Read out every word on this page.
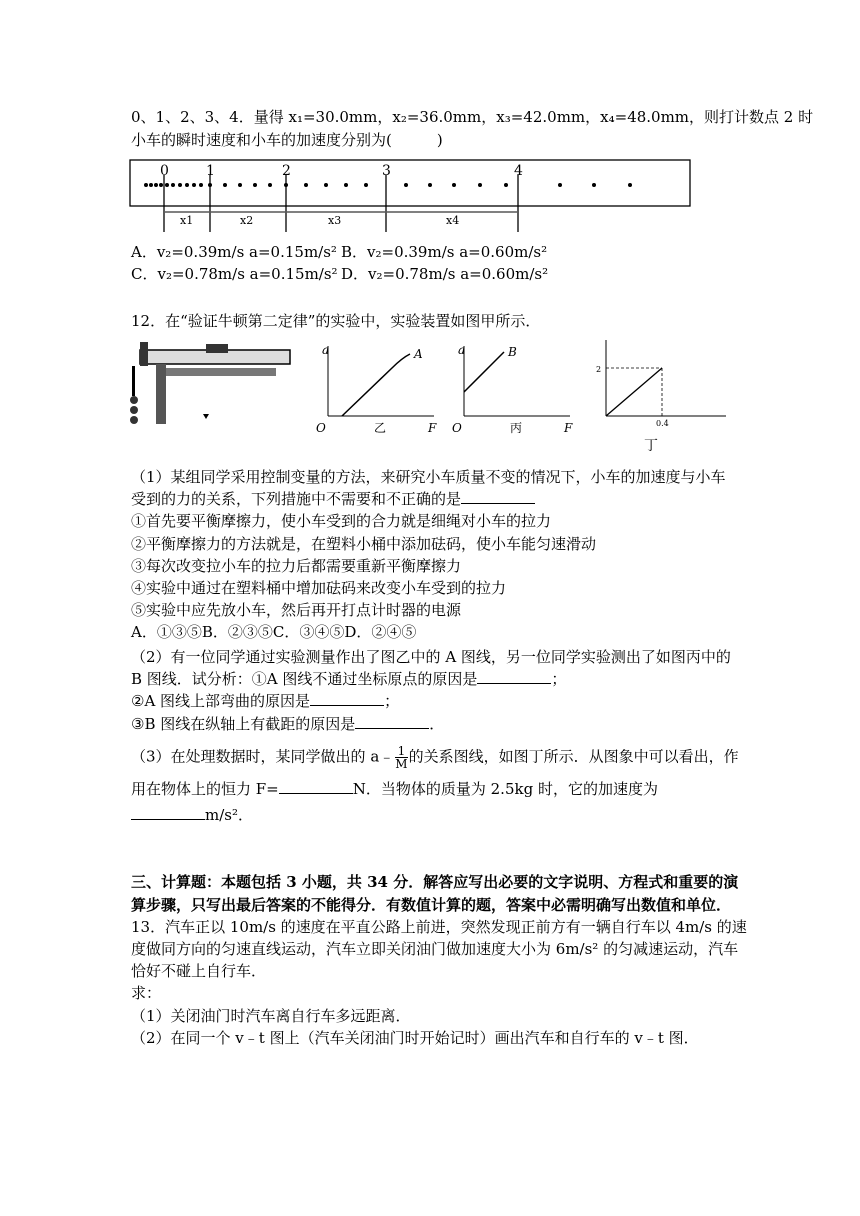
0、1、2、3、4．量得 x₁=30.0mm，x₂=36.0mm，x₃=42.0mm，x₄=48.0mm，则打计数点 2 时
小车的瞬时速度和小车的加速度分别为(　　　)
0	1	2	3	4
x1	x2	x3	x4
A．v₂=0.39m/s a=0.15m/s² B．v₂=0.39m/s a=0.60m/s²
C．v₂=0.78m/s a=0.15m/s² D．v₂=0.78m/s a=0.60m/s²
12．在“验证牛顿第二定律”的实验中，实验装置如图甲所示．
a
F
O
A
乙
a
F
O
B
丙
2
0.4
丁
（1）某组同学采用控制变量的方法，来研究小车质量不变的情况下，小车的加速度与小车
受到的力的关系，下列措施中不需要和不正确的是
①首先要平衡摩擦力，使小车受到的合力就是细绳对小车的拉力
②平衡摩擦力的方法就是，在塑料小桶中添加砝码，使小车能匀速滑动
③每次改变拉小车的拉力后都需要重新平衡摩擦力
④实验中通过在塑料桶中增加砝码来改变小车受到的拉力
⑤实验中应先放小车，然后再开打点计时器的电源
A．①③⑤B．②③⑤C．③④⑤D．②④⑤
（2）有一位同学通过实验测量作出了图乙中的 A 图线，另一位同学实验测出了如图丙中的
B 图线．试分析：①A 图线不通过坐标原点的原因是	；
②A 图线上部弯曲的原因是	；
③B 图线在纵轴上有截距的原因是	．
（3）在处理数据时，某同学做出的 a﹣ $\frac{1}{M}$ 的关系图线，如图丁所示．从图象中可以看出，作
用在物体上的恒力 F=	N．当物体的质量为 2.5kg 时，它的加速度为
m/s²．
三、计算题：本题包括 3 小题，共 34 分．解答应写出必要的文字说明、方程式和重要的演
算步骤，只写出最后答案的不能得分．有数值计算的题，答案中必需明确写出数值和单位．
13．汽车正以 10m/s 的速度在平直公路上前进，突然发现正前方有一辆自行车以 4m/s 的速
度做同方向的匀速直线运动，汽车立即关闭油门做加速度大小为 6m/s² 的匀减速运动，汽车
恰好不碰上自行车．
求：
（1）关闭油门时汽车离自行车多远距离．
（2）在同一个 v﹣t 图上（汽车关闭油门时开始记时）画出汽车和自行车的 v﹣t 图．
